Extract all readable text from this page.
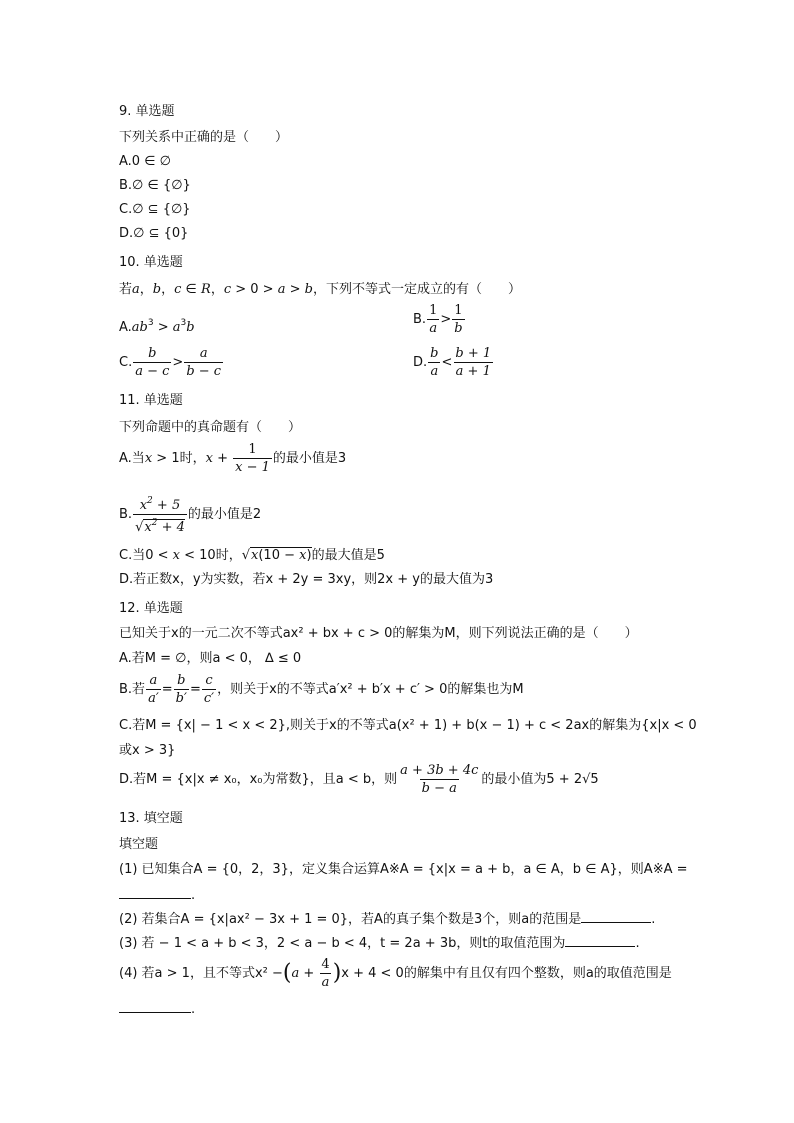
9. 单选题
下列关系中正确的是（　　）
A.0 ∈ ∅
B.∅ ∈ {∅}
C.∅ ⊆ {∅}
D.∅ ⊆ {0}
10. 单选题
若a，b，c ∈ R，c > 0 > a > b，下列不等式一定成立的有（　　）
$A.ab^3 > a^3b$
B. $\frac{1}{a} > \frac{1}{b}$
C. $\frac{b}{a - c} > \frac{a}{b - c}$	D. $\frac{b}{a} < \frac{b + 1}{a + 1}$
11. 单选题
下列命题中的真命题有（　　）
A.当x > 1时，$x + \frac{1}{x - 1}$ 的最小值是3
B. $\frac{x^2 + 5}{√x^2 + 4}$ 的最小值是2
C.当0 < x < 10时，√x(10 − x)的最大值是5
D.若正数x，y为实数，若x + 2y = 3xy，则2x + y的最大值为3
12. 单选题
已知关于x的一元二次不等式ax² + bx + c > 0的解集为M，则下列说法正确的是（　　）
A.若M = ∅，则a < 0， ∆ ≤ 0
B.若 $\frac{a}{a'} = \frac{b}{b'} = \frac{c}{c'}$ ，则关于x的不等式a′x² + b′x + c′ > 0的解集也为M
C.若M = {x| − 1 < x < 2},则关于x的不等式a(x² + 1) + b(x − 1) + c < 2ax的解集为{x|x < 0
或x > 3}
D.若M = {x|x ≠ x₀，x₀为常数}，且a < b，则 $\frac{a + 3b + 4c}{b - a}$ 的最小值为5 + 2√5
13. 填空题
填空题
(1) 已知集合A = {0，2，3}，定义集合运算A※A = {x|x = a + b，a ∈ A，b ∈ A}，则A※A =
.
(2) 若集合A = {x|ax² − 3x + 1 = 0}，若A的真子集个数是3个，则a的范围是	.
(3) 若 − 1 < a + b < 3，2 < a − b < 4，t = 2a + 3b，则t的取值范围为	.
(4) 若a > 1，且不等式$x^2 -(a + \frac{4}{a} )x + 4 < 0$的解集中有且仅有四个整数，则a的取值范围是
.
